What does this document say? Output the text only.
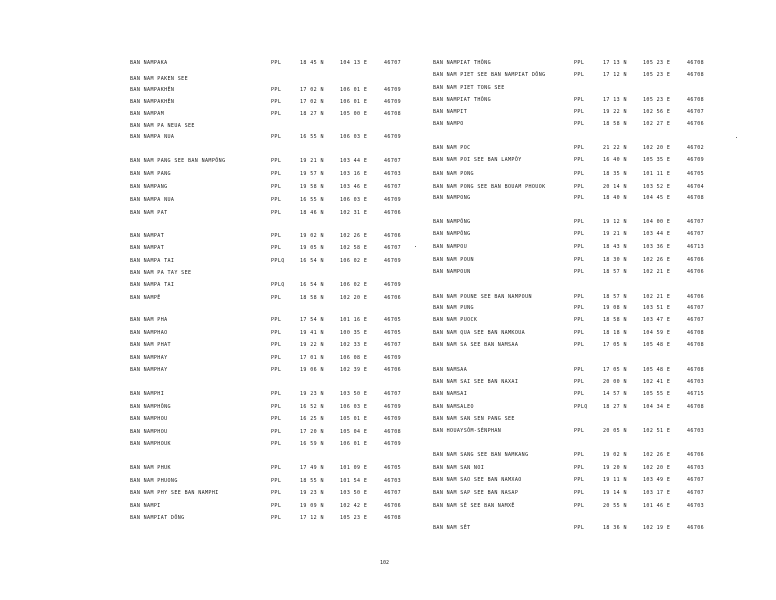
BAN NAMPAKA	PPL	18 45 N	104 13 E	46707
BAN NAM PAKEN SEE
BAN NAMPAKHÊN	PPL	17 02 N	106 01 E	46709
BAN NAMPAKHÊN	PPL	17 02 N	106 01 E	46709
BAN NAMPAM	PPL	18 27 N	105 00 E	46708
BAN NAM PA NEUA SEE
BAN NAMPA NUA	PPL	16 55 N	106 03 E	46709
BAN NAM PANG SEE BAN NAMPÔNG	PPL	19 21 N	103 44 E	46707
BAN NAM PANG	PPL	19 57 N	103 16 E	46703
BAN NAMPANG	PPL	19 58 N	103 46 E	46707
BAN NAMPA NUA	PPL	16 55 N	106 03 E	46709
BAN NAM PAT	PPL	18 46 N	102 31 E	46706
BAN NAMPAT	PPL	19 02 N	102 26 E	46706
BAN NAMPAT	PPL	19 05 N	102 58 E	46707
BAN NAMPA TAI	PPLQ	16 54 N	106 02 E	46709
BAN NAM PA TAY SEE
BAN NAMPA TAI	PPLQ	16 54 N	106 02 E	46709
BAN NAMPÊ	PPL	18 58 N	102 20 E	46706
BAN NAM PHA	PPL	17 54 N	101 16 E	46705
BAN NAMPHAO	PPL	19 41 N	100 35 E	46705
BAN NAM PHAT	PPL	19 22 N	102 33 E	46707
BAN NAMPHAY	PPL	17 01 N	106 08 E	46709
BAN NAMPHAY	PPL	19 06 N	102 39 E	46706
BAN NAMPHI	PPL	19 23 N	103 50 E	46707
BAN NAMPHÔNG	PPL	16 52 N	106 03 E	46709
BAN NAMPHOU	PPL	16 25 N	105 01 E	46709
BAN NAMPHOU	PPL	17 20 N	105 04 E	46708
BAN NAMPHOUK	PPL	16 59 N	106 01 E	46709
BAN NAM PHUK	PPL	17 49 N	101 09 E	46705
BAN NAM PHUONG	PPL	18 55 N	101 54 E	46703
BAN NAM PHY SEE BAN NAMPHI	PPL	19 23 N	103 50 E	46707
BAN NAMPI	PPL	19 09 N	102 42 E	46706
BAN NAMPIAT DÔNG	PPL	17 12 N	105 23 E	46708
BAN NAMPIAT THÔNG	PPL	17 13 N	105 23 E	46708
BAN NAM PIET SEE BAN NAMPIAT DÔNG	PPL	17 12 N	105 23 E	46708
BAN NAM PIET TONG SEE
BAN NAMPIAT THÔNG	PPL	17 13 N	105 23 E	46708
BAN NAMPIT	PPL	19 22 N	102 56 E	46707
BAN NAMPO	PPL	18 58 N	102 27 E	46706
BAN NAM POC	PPL	21 22 N	102 20 E	46702
BAN NAM POI SEE BAN LAMPÔY	PPL	16 40 N	105 35 E	46709
BAN NAM PONG	PPL	18 35 N	101 11 E	46705
BAN NAM PONG SEE BAN BOUAM PHOUOK	PPL	20 14 N	103 52 E	46704
BAN NAMPONG	PPL	18 40 N	104 45 E	46708
BAN NAMPÔNG	PPL	19 12 N	104 00 E	46707
BAN NAMPÔNG	PPL	19 21 N	103 44 E	46707
BAN NAMPOU	PPL	18 43 N	103 36 E	46713
BAN NAM POUN	PPL	18 30 N	102 26 E	46706
BAN NAMPOUN	PPL	18 57 N	102 21 E	46706
BAN NAM POUNE SEE BAN NAMPOUN	PPL	18 57 N	102 21 E	46706
BAN NAM PUNG	PPL	19 08 N	103 51 E	46707
BAN NAM PUOCK	PPL	18 58 N	103 47 E	46707
BAN NAM QUA SEE BAN NAMKOUA	PPL	18 18 N	104 59 E	46708
BAN NAM SA SEE BAN NAMSAA	PPL	17 05 N	105 48 E	46708
BAN NAMSAA	PPL	17 05 N	105 48 E	46708
BAN NAM SAI SEE BAN NAXAI	PPL	20 00 N	102 41 E	46703
BAN NAMSAI	PPL	14 57 N	105 55 E	46715
BAN NAMSALEO	PPLQ	18 27 N	104 34 E	46708
BAN NAM SAN SEN PANG SEE
BAN HOUAYSÔM-SÈNPHAN	PPL	20 05 N	102 51 E	46703
BAN NAM SANG SEE BAN NAMKANG	PPL	19 02 N	102 26 E	46706
BAN NAM SAN NOI	PPL	19 20 N	102 20 E	46703
BAN NAM SAO SEE BAN NAMXAO	PPL	19 11 N	103 49 E	46707
BAN NAM SAP SEE BAN NASAP	PPL	19 14 N	103 17 E	46707
BAN NAM SÊ SEE BAN NAMXÊ	PPL	20 55 N	101 46 E	46703
BAN NAM SÊT	PPL	18 36 N	102 19 E	46706
102
